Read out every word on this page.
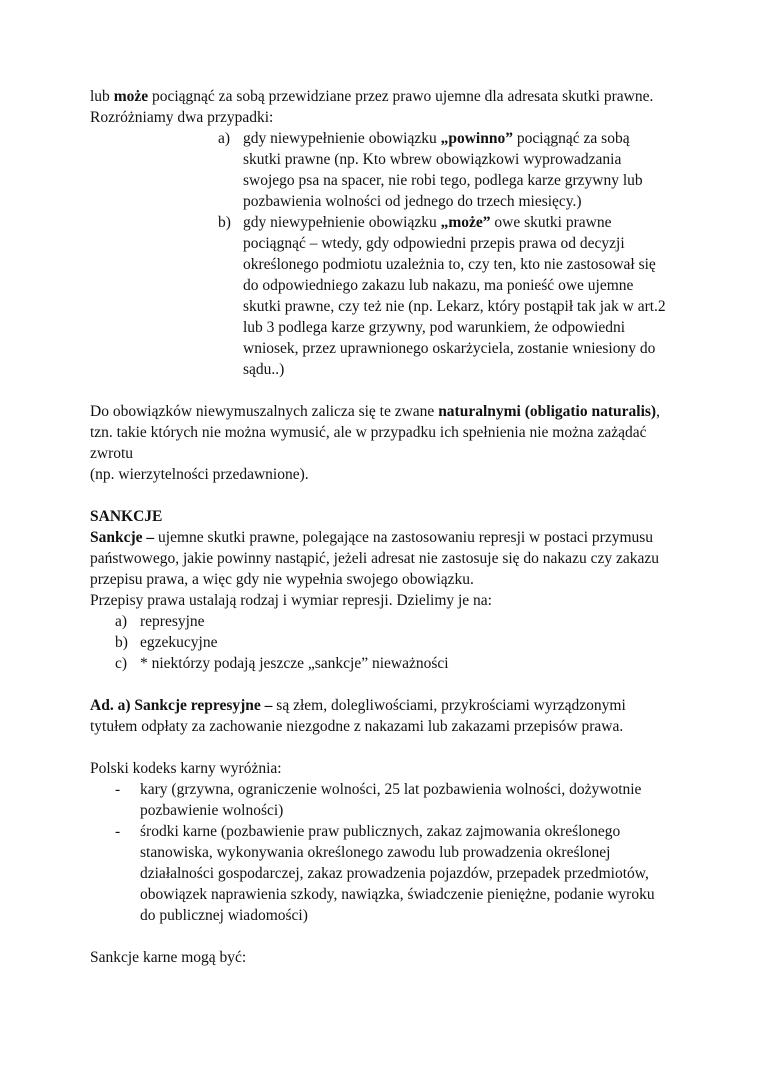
lub może pociągnąć za sobą przewidziane przez prawo ujemne dla adresata skutki prawne.
Rozróżniamy dwa przypadki:
a) gdy niewypełnienie obowiązku „powinno” pociągnąć za sobą skutki prawne (np. Kto wbrew obowiązkowi wyprowadzania swojego psa na spacer, nie robi tego, podlega karze grzywny lub pozbawienia wolności od jednego do trzech miesięcy.)
b) gdy niewypełnienie obowiązku „może” owe skutki prawne pociągnąć – wtedy, gdy odpowiedni przepis prawa od decyzji określonego podmiotu uzależnia to, czy ten, kto nie zastosował się do odpowiedniego zakazu lub nakazu, ma ponieść owe ujemne skutki prawne, czy też nie (np. Lekarz, który postąpił tak jak w art.2 lub 3 podlega karze grzywny, pod warunkiem, że odpowiedni wniosek, przez uprawnionego oskarżyciela, zostanie wniesiony do sądu..)
Do obowiązków niewymuszalnych zalicza się te zwane naturalnymi (obligatio naturalis), tzn. takie których nie można wymusić, ale w przypadku ich spełnienia nie można zażądać zwrotu
(np. wierzytelności przedawnione).
SANKCJE
Sankcje – ujemne skutki prawne, polegające na zastosowaniu represji w postaci przymusu państwowego, jakie powinny nastąpić, jeżeli adresat nie zastosuje się do nakazu czy zakazu przepisu prawa, a więc gdy nie wypełnia swojego obowiązku.
Przepisy prawa ustalają rodzaj i wymiar represji. Dzielimy je na:
a) represyjne
b) egzekucyjne
c) * niektórzy podają jeszcze „sankcje” nieważności
Ad. a) Sankcje represyjne – są złem, dolegliwościami, przykrościami wyrządzonymi tytułem odpłaty za zachowanie niezgodne z nakazami lub zakazami przepisów prawa.
Polski kodeks karny wyróżnia:
-	kary (grzywna, ograniczenie wolności, 25 lat pozbawienia wolności, dożywotnie pozbawienie wolności)
-	środki karne (pozbawienie praw publicznych, zakaz zajmowania określonego stanowiska, wykonywania określonego zawodu lub prowadzenia określonej działalności gospodarczej, zakaz prowadzenia pojazdów, przepadek przedmiotów, obowiązek naprawienia szkody, nawiązka, świadczenie pieniężne, podanie wyroku do publicznej wiadomości)
Sankcje karne mogą być:
